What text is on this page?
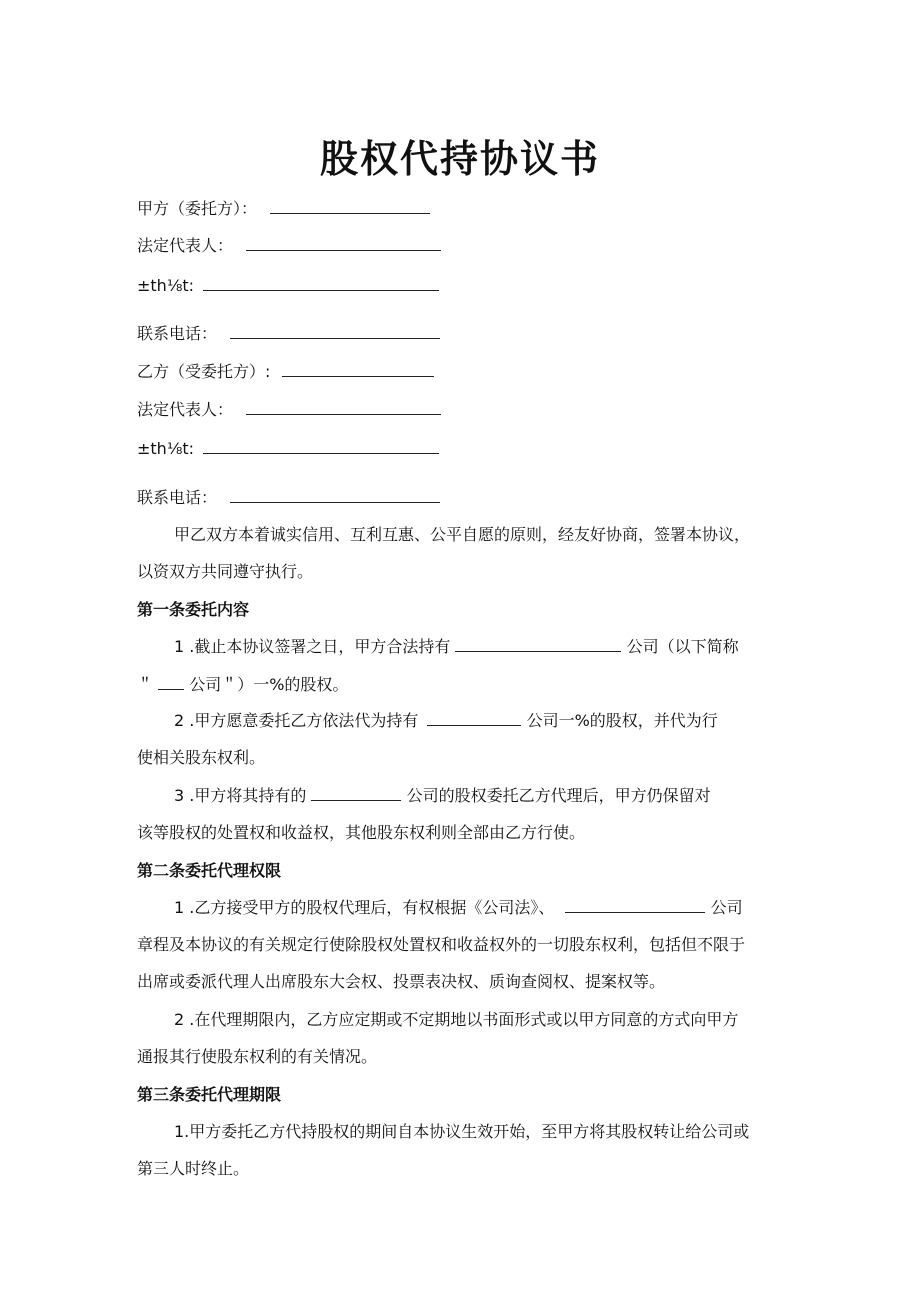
股权代持协议书
甲方（委托方）：
法定代表人：
±th⅛t:
联系电话：
乙方（受委托方）:
法定代表人：
±th⅛t:
联系电话：
甲乙双方本着诚实信用、互利互惠、公平自愿的原则，经友好协商，签署本协议，
以资双方共同遵守执行。
第一条委托内容
1 .截止本协议签署之日，甲方合法持有	公司（以下简称
＂ 公司＂）一%的股权。
2 .甲方愿意委托乙方依法代为持有	公司一%的股权，并代为行
使相关股东权利。
3 .甲方将其持有的	公司的股权委托乙方代理后，甲方仍保留对
该等股权的处置权和收益权，其他股东权利则全部由乙方行使。
第二条委托代理权限
1 .乙方接受甲方的股权代理后，有权根据《公司法》、	公司
章程及本协议的有关规定行使除股权处置权和收益权外的一切股东权利，包括但不限于
出席或委派代理人出席股东大会权、投票表决权、质询查阅权、提案权等。
2 .在代理期限内，乙方应定期或不定期地以书面形式或以甲方同意的方式向甲方
通报其行使股东权利的有关情况。
第三条委托代理期限
1.甲方委托乙方代持股权的期间自本协议生效开始，至甲方将其股权转让给公司或
第三人时终止。
